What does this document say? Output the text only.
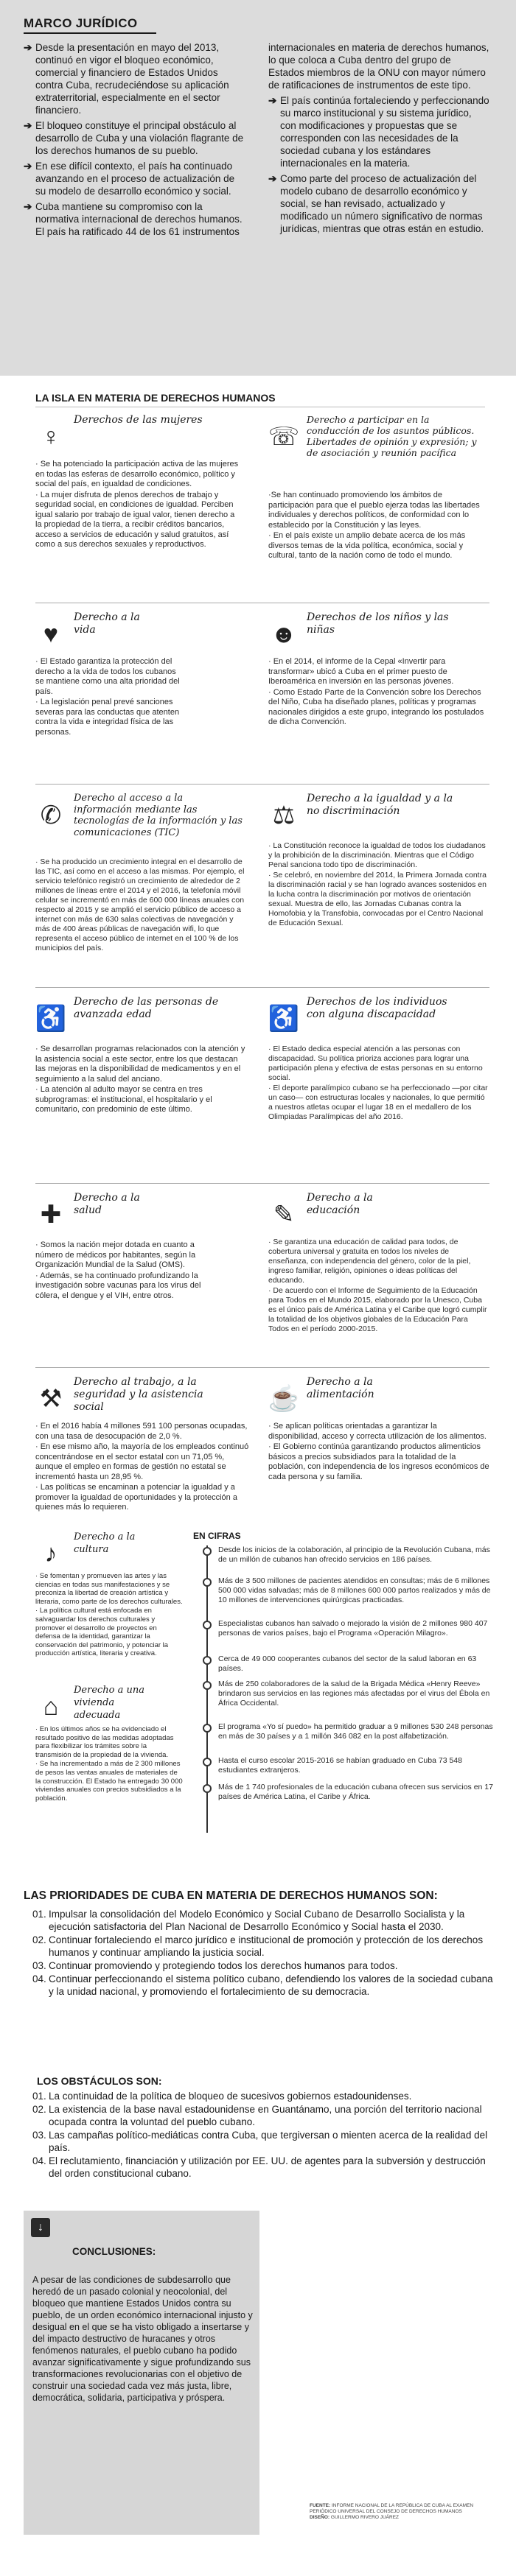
MARCO JURÍDICO

➔ Desde la presentación en mayo del 2013, continuó en vigor el bloqueo económico, comercial y financiero de Estados Unidos contra Cuba, recrudeciéndose su aplicación extraterritorial, especialmente en el sector financiero.

➔ El bloqueo constituye el principal obstáculo al desarrollo de Cuba y una violación flagrante de los derechos humanos de su pueblo.

➔ En ese difícil contexto, el país ha continuado avanzando en el proceso de actualización de su modelo de desarrollo económico y social.

➔ Cuba mantiene su compromiso con la normativa internacional de derechos humanos. El país ha ratificado 44 de los 61 instrumentos

internacionales en materia de derechos humanos, lo que coloca a Cuba dentro del grupo de Estados miembros de la ONU con mayor número de ratificaciones de instrumentos de este tipo.

➔ El país continúa fortaleciendo y perfeccionando su marco institucional y su sistema jurídico, con modificaciones y propuestas que se corresponden con las necesidades de la sociedad cubana y los estándares internacionales en la materia.

➔ Como parte del proceso de actualización del modelo cubano de desarrollo económico y social, se han revisado, actualizado y modificado un número significativo de normas jurídicas, mientras que otras están en estudio.

LA ISLA EN MATERIA DE DERECHOS HUMANOS
♀
Derechos de las mujeres

· Se ha potenciado la participación activa de las mujeres en todas las esferas de desarrollo económico, político y social del país, en igualdad de condiciones.

· La mujer disfruta de plenos derechos de trabajo y seguridad social, en condiciones de igualdad. Perciben igual salario por trabajo de igual valor, tienen derecho a la propiedad de la tierra, a recibir créditos bancarios, acceso a servicios de educación y salud gratuitos, así como a sus derechos sexuales y reproductivos.

☏
Derecho a participar en la conducción de los asuntos públicos. Libertades de opinión y expresión; y de asociación y reunión pacífica

·Se han continuado promoviendo los ámbitos de participación para que el pueblo ejerza todas las libertades individuales y derechos políticos, de conformidad con lo establecido por la Constitución y las leyes.

· En el país existe un amplio debate acerca de los más diversos temas de la vida política, económica, social y cultural, tanto de la nación como de todo el mundo.

♥
Derecho a la vida

· El Estado garantiza la protección del derecho a la vida de todos los cubanos se mantiene como una alta prioridad del país.

· La legislación penal prevé sanciones severas para las conductas que atenten contra la vida e integridad física de las personas.

☻
Derechos de los niños y las niñas

· En el 2014, el informe de la Cepal «Invertir para transformar» ubicó a Cuba en el primer puesto de Iberoamérica en inversión en las personas jóvenes.

· Como Estado Parte de la Convención sobre los Derechos del Niño, Cuba ha diseñado planes, políticas y programas nacionales dirigidos a este grupo, integrando los postulados de dicha Convención.

✆
Derecho al acceso a la información mediante las tecnologías de la información y las comunicaciones (TIC)

· Se ha producido un crecimiento integral en el desarrollo de las TIC, así como en el acceso a las mismas. Por ejemplo, el servicio telefónico registró un crecimiento de alrededor de 2 millones de líneas entre el 2014 y el 2016, la telefonía móvil celular se incrementó en más de 600 000 líneas anuales con respecto al 2015 y se amplió el servicio público de acceso a internet con más de 630 salas colectivas de navegación y más de 400 áreas públicas de navegación wifi, lo que representa el acceso público de internet en el 100 % de los municipios del país.

⚖
Derecho a la igualdad y a la no discriminación

· La Constitución reconoce la igualdad de todos los ciudadanos y la prohibición de la discriminación. Mientras que el Código Penal sanciona todo tipo de discriminación.

· Se celebró, en noviembre del 2014, la Primera Jornada contra la discriminación racial y se han logrado avances sostenidos en la lucha contra la discriminación por motivos de orientación sexual. Muestra de ello, las Jornadas Cubanas contra la Homofobia y la Transfobia, convocadas por el Centro Nacional de Educación Sexual.

♿
Derecho de las personas de avanzada edad

· Se desarrollan programas relacionados con la atención y la asistencia social a este sector, entre los que destacan las mejoras en la disponibilidad de medicamentos y en el seguimiento a la salud del anciano.

· La atención al adulto mayor se centra en tres subprogramas: el institucional, el hospitalario y el comunitario, con predominio de este último.

♿
Derechos de los individuos con alguna discapacidad

· El Estado dedica especial atención a las personas con discapacidad. Su política prioriza acciones para lograr una participación plena y efectiva de estas personas en su entorno social.

· El deporte paralímpico cubano se ha perfeccionado —por citar un caso— con estructuras locales y nacionales, lo que permitió a nuestros atletas ocupar el lugar 18 en el medallero de los Olimpiadas Paralímpicas del año 2016.

✚
Derecho a la salud

· Somos la nación mejor dotada en cuanto a número de médicos por habitantes, según la Organización Mundial de la Salud (OMS).

· Además, se ha continuado profundizando la investigación sobre vacunas para los virus del cólera, el dengue y el VIH, entre otros.

✎
Derecho a la educación

· Se garantiza una educación de calidad para todos, de cobertura universal y gratuita en todos los niveles de enseñanza, con independencia del género, color de la piel, ingreso familiar, religión, opiniones o ideas políticas del educando.

· De acuerdo con el Informe de Seguimiento de la Educación para Todos en el Mundo 2015, elaborado por la Unesco, Cuba es el único país de América Latina y el Caribe que logró cumplir la totalidad de los objetivos globales de la Educación Para Todos en el período 2000-2015.

⚒
Derecho al trabajo, a la seguridad y la asistencia social

· En el 2016 había 4 millones 591 100 personas ocupadas, con una tasa de desocupación de 2,0 %.

· En ese mismo año, la mayoría de los empleados continuó concentrándose en el sector estatal con un 71,05 %, aunque el empleo en formas de gestión no estatal se incrementó hasta un 28,95 %.

· Las políticas se encaminan a potenciar la igualdad y a promover la igualdad de oportunidades y la protección a quienes más lo requieren.

☕
Derecho a la alimentación

· Se aplican políticas orientadas a garantizar la disponibilidad, acceso y correcta utilización de los alimentos.

· El Gobierno continúa garantizando productos alimenticios básicos a precios subsidiados para la totalidad de la población, con independencia de los ingresos económicos de cada persona y su familia.

♪
Derecho a la cultura

· Se fomentan y promueven las artes y las ciencias en todas sus manifestaciones y se preconiza la libertad de creación artística y literaria, como parte de los derechos culturales.

· La política cultural está enfocada en salvaguardar los derechos culturales y promover el desarrollo de proyectos en defensa de la identidad, garantizar la conservación del patrimonio, y potenciar la producción artística, literaria y creativa.

⌂
Derecho a una vivienda adecuada

· En los últimos años se ha evidenciado el resultado positivo de las medidas adoptadas para flexibilizar los trámites sobre la transmisión de la propiedad de la vivienda.

· Se ha incrementado a más de 2 300 millones de pesos las ventas anuales de materiales de la construcción. El Estado ha entregado 30 000 viviendas anuales con precios subsidiados a la población.

EN CIFRAS
Desde los inicios de la colaboración, al principio de la Revolución Cubana, más de un millón de cubanos han ofrecido servicios en 186 países.
Más de 3 500 millones de pacientes atendidos en consultas; más de 6 millones 500 000 vidas salvadas; más de 8 millones 600 000 partos realizados y más de 10 millones de intervenciones quirúrgicas practicadas.
Especialistas cubanos han salvado o mejorado la visión de 2 millones 980 407 personas de varios países, bajo el Programa «Operación Milagro».
Cerca de 49 000 cooperantes cubanos del sector de la salud laboran en 63 países.
Más de 250 colaboradores de la salud de la Brigada Médica «Henry Reeve» brindaron sus servicios en las regiones más afectadas por el virus del Ébola en África Occidental.
El programa «Yo sí puedo» ha permitido graduar a 9 millones 530 248 personas en más de 30 países y a 1 millón 346 082 en la post alfabetización.
Hasta el curso escolar 2015-2016 se habían graduado en Cuba 73 548 estudiantes extranjeros.
Más de 1 740 profesionales de la educación cubana ofrecen sus servicios en 17 países de América Latina, el Caribe y África.
LAS PRIORIDADES DE CUBA EN MATERIA DE DERECHOS HUMANOS SON:
01. Impulsar la consolidación del Modelo Económico y Social Cubano de Desarrollo Socialista y la ejecución satisfactoria del Plan Nacional de Desarrollo Económico y Social hasta el 2030.
02. Continuar fortaleciendo el marco jurídico e institucional de promoción y protección de los derechos humanos y continuar ampliando la justicia social.
03. Continuar promoviendo y protegiendo todos los derechos humanos para todos.
04. Continuar perfeccionando el sistema político cubano, defendiendo los valores de la sociedad cubana y la unidad nacional, y promoviendo el fortalecimiento de su democracia.
LOS OBSTÁCULOS SON:
01. La continuidad de la política de bloqueo de sucesivos gobiernos estadounidenses.
02. La existencia de la base naval estadounidense en Guantánamo, una porción del territorio nacional ocupada contra la voluntad del pueblo cubano.
03. Las campañas político-mediáticas contra Cuba, que tergiversan o mienten acerca de la realidad del país.
04. El reclutamiento, financiación y utilización por EE. UU. de agentes para la subversión y destrucción del orden constitucional cubano.
↓
CONCLUSIONES:
A pesar de las condiciones de subdesarrollo que heredó de un pasado colonial y neocolonial, del bloqueo que mantiene Estados Unidos contra su pueblo, de un orden económico internacional injusto y desigual en el que se ha visto obligado a insertarse y del impacto destructivo de huracanes y otros fenómenos naturales, el pueblo cubano ha podido avanzar significativamente y sigue profundizando sus transformaciones revolucionarias con el objetivo de construir una sociedad cada vez más justa, libre, democrática, solidaria, participativa y próspera.
FUENTE: INFORME NACIONAL DE LA REPÚBLICA DE CUBA AL EXAMEN PERIÓDICO UNIVERSAL DEL CONSEJO DE DERECHOS HUMANOS
DISEÑO: GUILLERMO RIVERO JUÁREZ
